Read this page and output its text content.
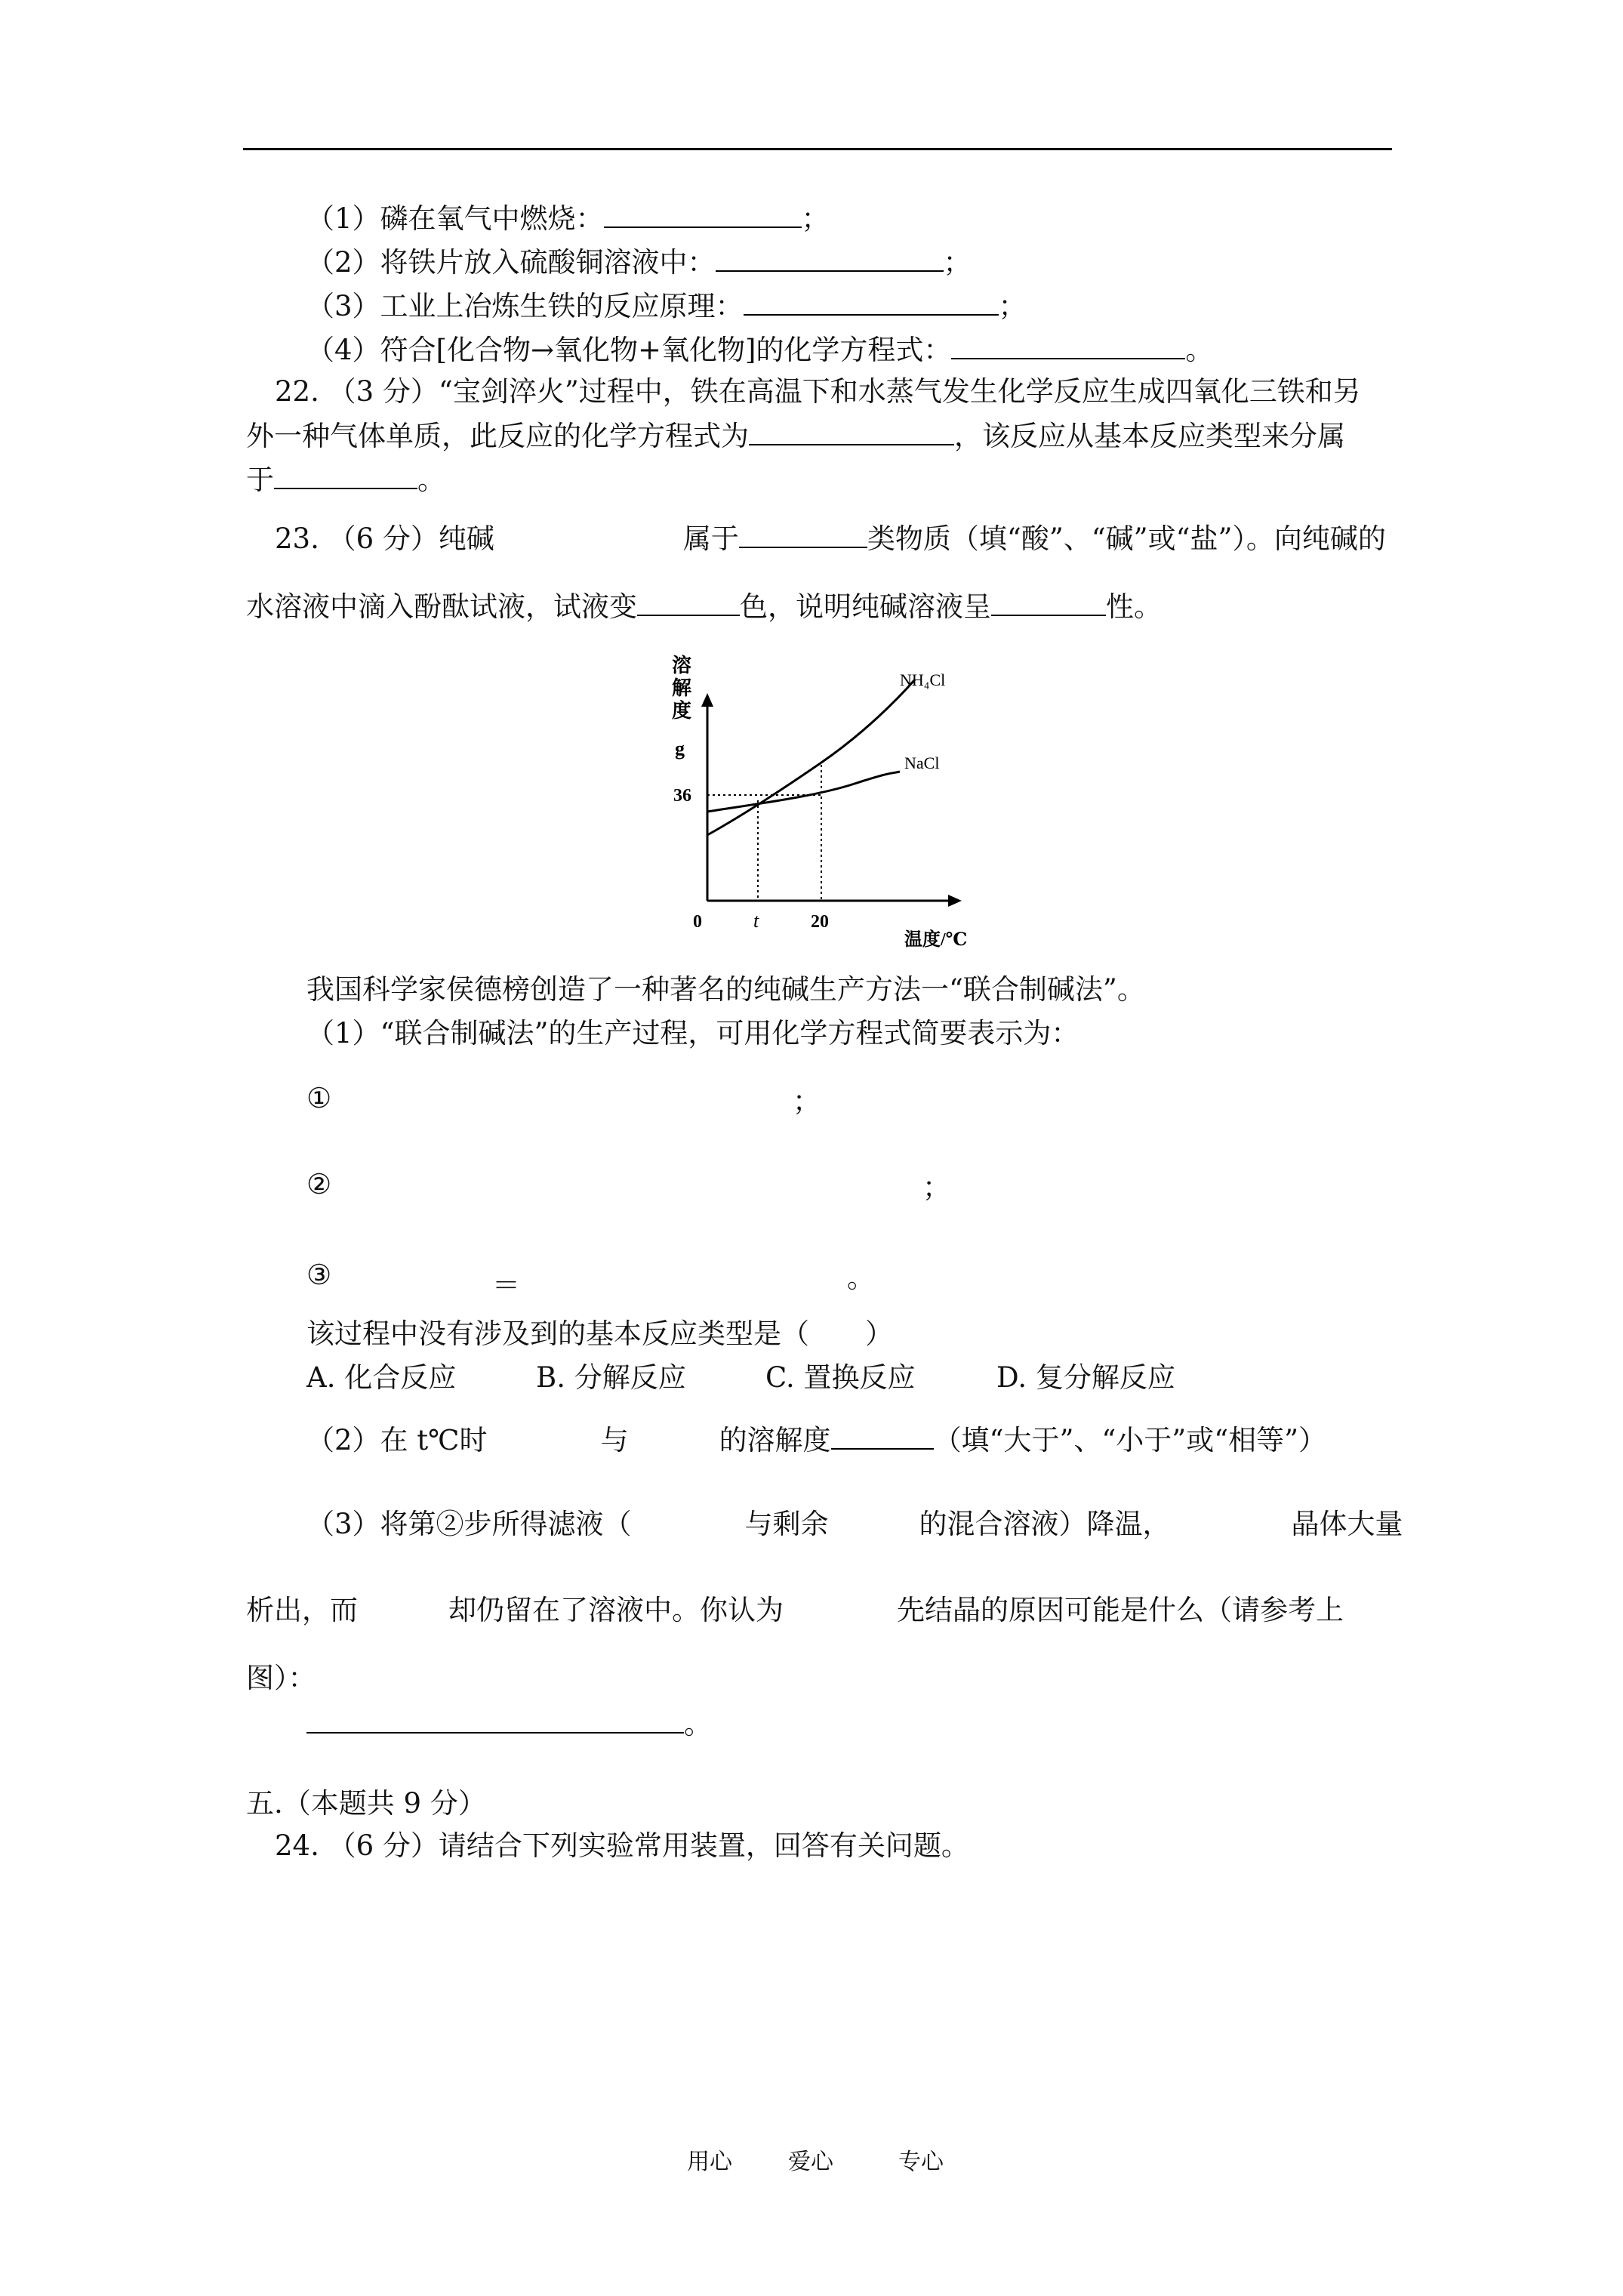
（1）磷在氧气中燃烧：	；
（2）将铁片放入硫酸铜溶液中：	；
（3）工业上冶炼生铁的反应原理：	；
（4）符合[化合物→氧化物+氧化物]的化学方程式：	。
22. （3 分）“宝剑淬火”过程中，铁在高温下和水蒸气发生化学反应生成四氧化三铁和另
外一种气体单质，此反应的化学方程式为	，该反应从基本反应类型来分属
于	。
23. （6 分）纯碱	属于	类物质（填“酸”、“碱”或“盐”）。向纯碱的
水溶液中滴入酚酞试液，试液变	色，说明纯碱溶液呈	性。
溶
解
度
g
36
0	t	20
温度/℃
NH₄Cl
NaCl
我国科学家侯德榜创造了一种著名的纯碱生产方法一“联合制碱法”。
（1）“联合制碱法”的生产过程，可用化学方程式简要表示为：
①	；
②	；
③	＝	。
该过程中没有涉及到的基本反应类型是（　　）
A. 化合反应	B. 分解反应	C. 置换反应	D. 复分解反应
（2）在 t℃时	与	的溶解度	（填“大于”、“小于”或“相等”）
（3）将第②步所得滤液（	与剩余	的混合溶液）降温，	晶体大量
析出，而	却仍留在了溶液中。你认为	先结晶的原因可能是什么（请参考上
图）：
。
五.（本题共 9 分）
24. （6 分）请结合下列实验常用装置，回答有关问题。
用心 爱心	专心
